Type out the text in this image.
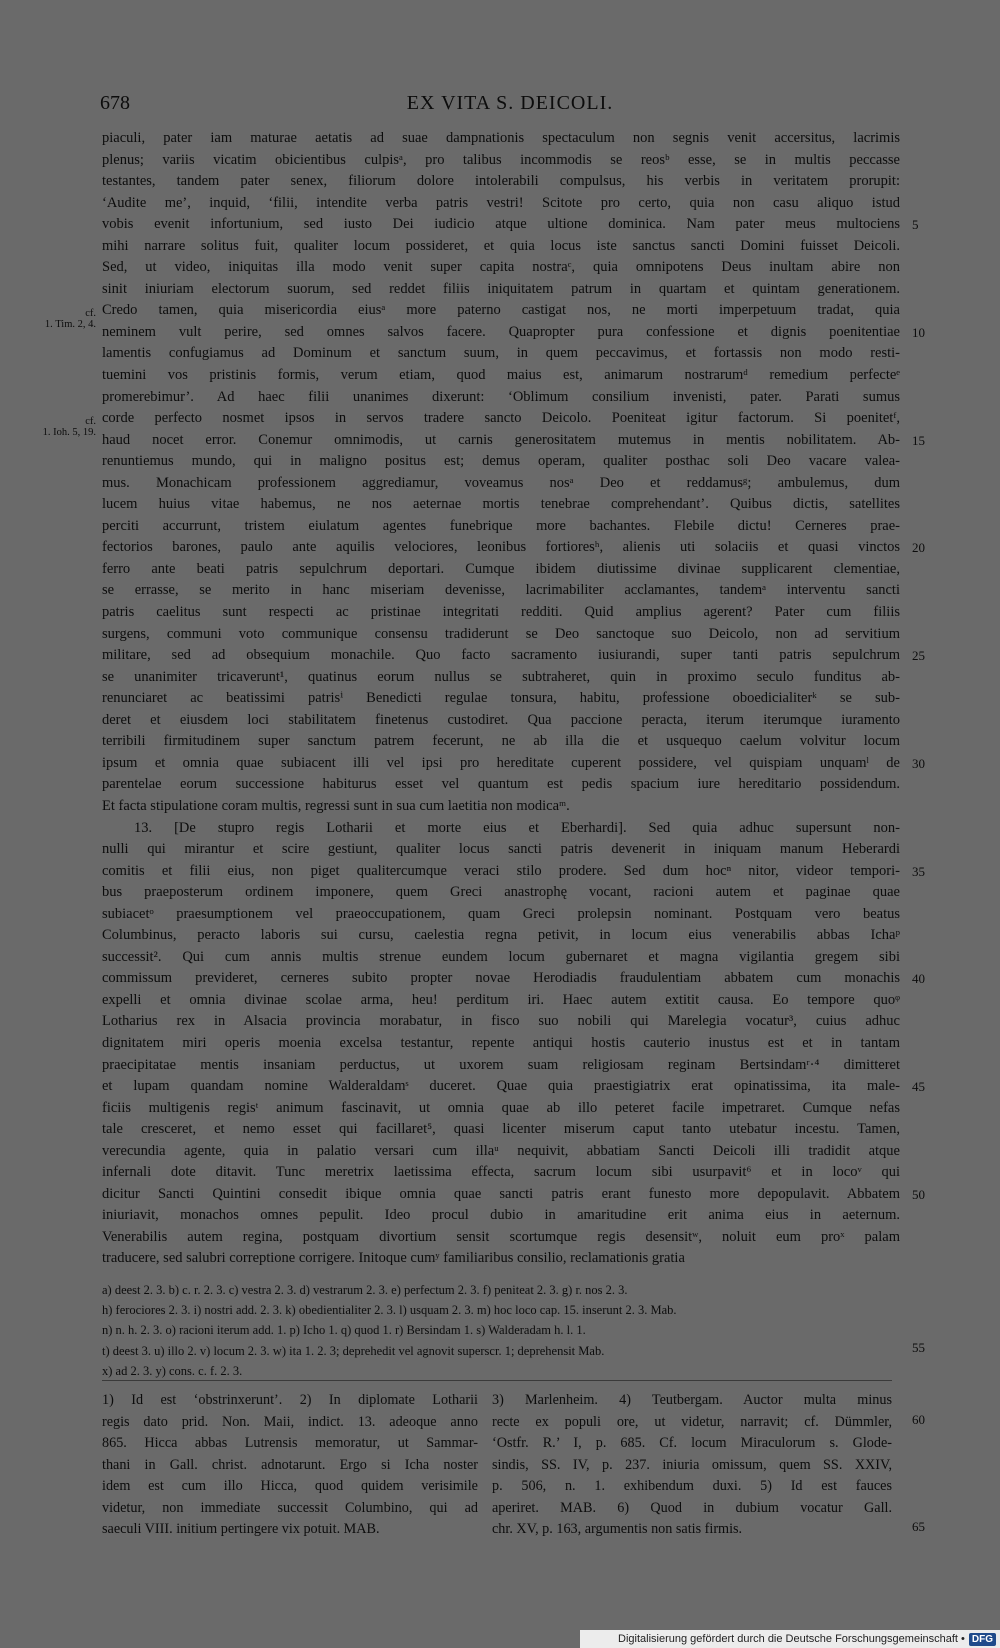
678	EX VITA S. DEICOLI.
piaculi, pater iam maturae aetatis ad suae dampnationis spectaculum non segnis venit accersitus, lacrimis
plenus; variis vicatim obicientibus culpisᵃ, pro talibus incommodis se reosᵇ esse, se in multis peccasse
testantes, tandem pater senex, filiorum dolore intolerabili compulsus, his verbis in veritatem prorupit:
‘Audite me’, inquid, ‘filii, intendite verba patris vestri! Scitote pro certo, quia non casu aliquo istud
vobis evenit infortunium, sed iusto Dei iudicio atque ultione dominica. Nam pater meus multociens
mihi narrare solitus fuit, qualiter locum possideret, et quia locus iste sanctus sancti Domini fuisset Deicoli.
Sed, ut video, iniquitas illa modo venit super capita nostraᶜ, quia omnipotens Deus inultam abire non
sinit iniuriam electorum suorum, sed reddet filiis iniquitatem patrum in quartam et quintam generationem.
Credo tamen, quia misericordia eiusᵃ more paterno castigat nos, ne morti imperpetuum tradat, quia
neminem vult perire, sed omnes salvos facere. Quapropter pura confessione et dignis poenitentiae
lamentis confugiamus ad Dominum et sanctum suum, in quem peccavimus, et fortassis non modo resti-
tuemini vos pristinis formis, verum etiam, quod maius est, animarum nostrarumᵈ remedium perfecteᵉ
promerebimur’. Ad haec filii unanimes dixerunt: ‘Oblimum consilium invenisti, pater. Parati sumus
corde perfecto nosmet ipsos in servos tradere sancto Deicolo. Poeniteat igitur factorum. Si poenitetᶠ,
haud nocet error. Conemur omnimodis, ut carnis generositatem mutemus in mentis nobilitatem. Ab-
renuntiemus mundo, qui in maligno positus est; demus operam, qualiter posthac soli Deo vacare valea-
mus. Monachicam professionem aggrediamur, voveamus nosᵃ Deo et reddamusᵍ; ambulemus, dum
lucem huius vitae habemus, ne nos aeternae mortis tenebrae comprehendant’. Quibus dictis, satellites
perciti accurrunt, tristem eiulatum agentes funebrique more bachantes. Flebile dictu! Cerneres prae-
fectorios barones, paulo ante aquilis velociores, leonibus fortioresʰ, alienis uti solaciis et quasi vinctos
ferro ante beati patris sepulchrum deportari. Cumque ibidem diutissime divinae supplicarent clementiae,
se errasse, se merito in hanc miseriam devenisse, lacrimabiliter acclamantes, tandemᵃ interventu sancti
patris caelitus sunt respecti ac pristinae integritati redditi. Quid amplius agerent? Pater cum filiis
surgens, communi voto communique consensu tradiderunt se Deo sanctoque suo Deicolo, non ad servitium
militare, sed ad obsequium monachile. Quo facto sacramento iusiurandi, super tanti patris sepulchrum
se unanimiter tricaverunt¹, quatinus eorum nullus se subtraheret, quin in proximo seculo funditus ab-
renunciaret ac beatissimi patrisⁱ Benedicti regulae tonsura, habitu, professione oboedicialiterᵏ se sub-
deret et eiusdem loci stabilitatem finetenus custodiret. Qua paccione peracta, iterum iterumque iuramento
terribili firmitudinem super sanctum patrem fecerunt, ne ab illa die et usquequo caelum volvitur locum
ipsum et omnia quae subiacent illi vel ipsi pro hereditate cuperent possidere, vel quispiam unquamˡ de
parentelae eorum successione habiturus esset vel quantum est pedis spacium iure hereditario possidendum.
Et facta stipulatione coram multis, regressi sunt in sua cum laetitia non modicaᵐ.
13. [De stupro regis Lotharii et morte eius et Eberhardi]. Sed quia adhuc supersunt non-
nulli qui mirantur et scire gestiunt, qualiter locus sancti patris devenerit in iniquam manum Heberardi
comitis et filii eius, non piget qualitercumque veraci stilo prodere. Sed dum hocⁿ nitor, videor tempori-
bus praeposterum ordinem imponere, quem Greci anastrophę vocant, racioni autem et paginae quae
subiacetᵒ praesumptionem vel praeoccupationem, quam Greci prolepsin nominant. Postquam vero beatus
Columbinus, peracto laboris sui cursu, caelestia regna petivit, in locum eius venerabilis abbas Ichaᵖ
successit². Qui cum annis multis strenue eundem locum gubernaret et magna vigilantia gregem sibi
commissum previderet, cerneres subito propter novae Herodiadis fraudulentiam abbatem cum monachis
expelli et omnia divinae scolae arma, heu! perditum iri. Haec autem extitit causa. Eo tempore quoᵠ
Lotharius rex in Alsacia provincia morabatur, in fisco suo nobili qui Marelegia vocatur³, cuius adhuc
dignitatem miri operis moenia excelsa testantur, repente antiqui hostis cauterio inustus est et in tantam
praecipitatae mentis insaniam perductus, ut uxorem suam religiosam reginam Bertsindamʳ·⁴ dimitteret
et lupam quandam nomine Walderaldamˢ duceret. Quae quia praestigiatrix erat opinatissima, ita male-
ficiis multigenis regisᵗ animum fascinavit, ut omnia quae ab illo peteret facile impetraret. Cumque nefas
tale cresceret, et nemo esset qui facillaret⁵, quasi licenter miserum caput tanto utebatur incestu. Tamen,
verecundia agente, quia in palatio versari cum illaᵘ nequivit, abbatiam Sancti Deicoli illi tradidit atque
infernali dote ditavit. Tunc meretrix laetissima effecta, sacrum locum sibi usurpavit⁶ et in locoᵛ qui
dicitur Sancti Quintini consedit ibique omnia quae sancti patris erant funesto more depopulavit. Abbatem
iniuriavit, monachos omnes pepulit. Ideo procul dubio in amaritudine erit anima eius in aeternum.
Venerabilis autem regina, postquam divortium sensit scortumque regis desensitʷ, noluit eum proˣ palam
traducere, sed salubri correptione corrigere. Initoque cumʸ familiaribus consilio, reclamationis gratia
5
10
15
20
25
30
35
40
45
50
cf.
1. Tim. 2, 4.
cf.
1. Ioh. 5, 19.
a) deest 2. 3. b) c. r. 2. 3. c) vestra 2. 3. d) vestrarum 2. 3. e) perfectum 2. 3. f) peniteat 2. 3. g) r. nos 2. 3.
h) ferociores 2. 3. i) nostri add. 2. 3. k) obedientialiter 2. 3. l) usquam 2. 3. m) hoc loco cap. 15. inserunt 2. 3. Mab.
n) n. h. 2. 3. o) racioni iterum add. 1. p) Icho 1. q) quod 1. r) Bersindam 1. s) Walderadam h. l. 1.
t) deest 3. u) illo 2. v) locum 2. 3. w) ita 1. 2. 3; deprehedit vel agnovit superscr. 1; deprehensit Mab.
x) ad 2. 3. y) cons. c. f. 2. 3.
55
1) Id est ‘obstrinxerunt’. 2) In diplomate Lotharii
regis dato prid. Non. Maii, indict. 13. adeoque anno
865. Hicca abbas Lutrensis memoratur, ut Sammar-
thani in Gall. christ. adnotarunt. Ergo si Icha noster
idem est cum illo Hicca, quod quidem verisimile
videtur, non immediate successit Columbino, qui ad
saeculi VIII. initium pertingere vix potuit. MAB.
3) Marlenheim. 4) Teutbergam. Auctor multa minus
recte ex populi ore, ut videtur, narravit; cf. Dümmler,
‘Ostfr. R.’ I, p. 685. Cf. locum Miraculorum s. Glode-
sindis, SS. IV, p. 237. iniuria omissum, quem SS. XXIV,
p. 506, n. 1. exhibendum duxi. 5) Id est fauces
aperiret. MAB. 6) Quod in dubium vocatur Gall.
chr. XV, p. 163, argumentis non satis firmis.
60
65
Digitalisierung gefördert durch die Deutsche Forschungsgemeinschaft • DFG
